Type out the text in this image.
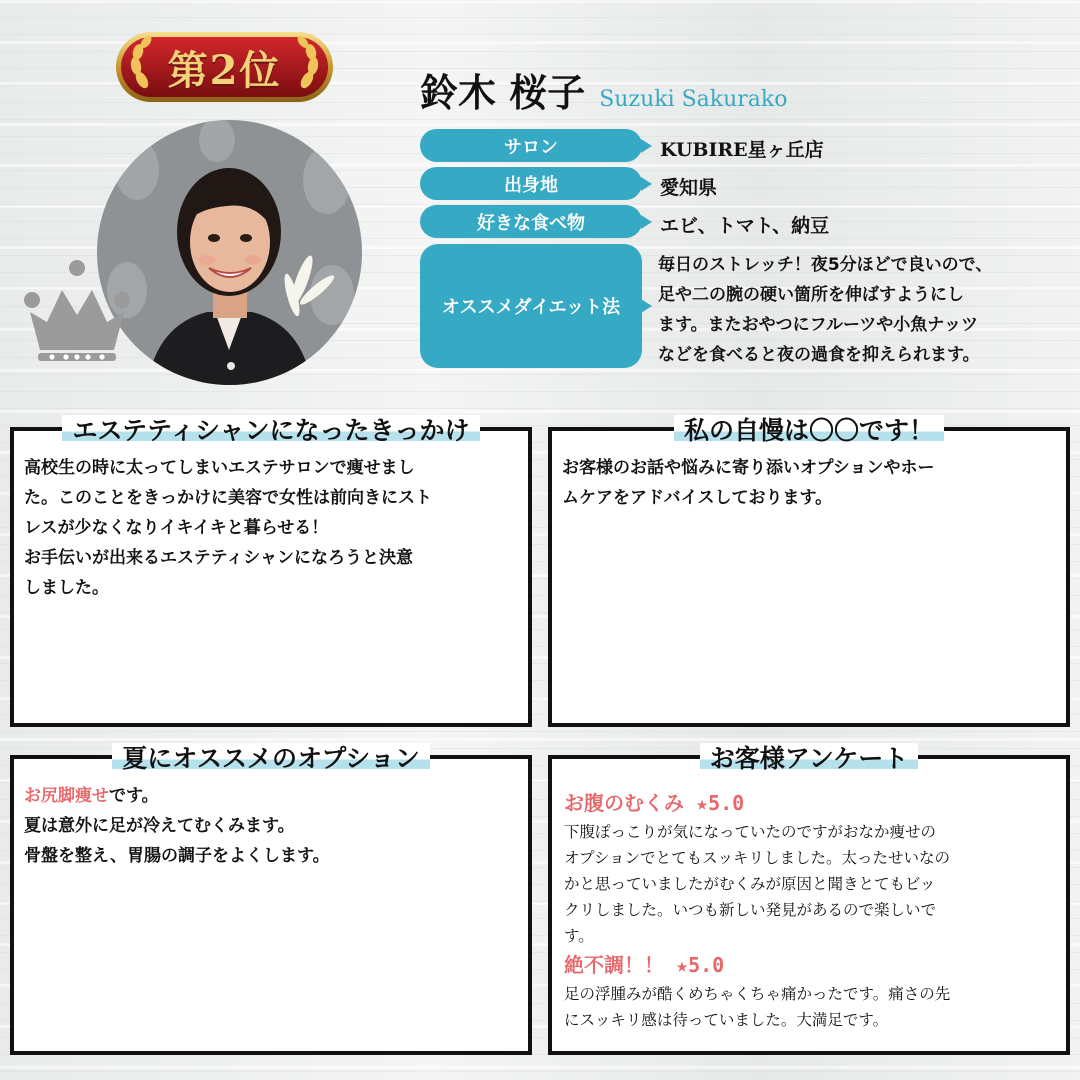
第2位	鈴木 桜子 Suzuki Sakurako
サロン	KUBIRE星ヶ丘店
出身地	愛知県
好きな食べ物	エビ、トマト、納豆
オススメダイエット法
毎日のストレッチ！夜5分ほどで良いので、
足や二の腕の硬い箇所を伸ばすようにし
ます。またおやつにフルーツや小魚ナッツ
などを食べると夜の過食を抑えられます。
エステティシャンになったきっかけ
高校生の時に太ってしまいエステサロンで痩せまし
た。このことをきっかけに美容で女性は前向きにスト
レスが少なくなりイキイキと暮らせる！
お手伝いが出来るエステティシャンになろうと決意
しました。
私の自慢は〇〇です！
お客様のお話や悩みに寄り添いオプションやホー
ムケアをアドバイスしております。
夏にオススメのオプション
お尻脚痩せです。
夏は意外に足が冷えてむくみます。
骨盤を整え、胃腸の調子をよくします。
お客様アンケート
お腹のむくみ ★5.0
下腹ぽっこりが気になっていたのですがおなか痩せの
オプションでとてもスッキリしました。太ったせいなの
かと思っていましたがむくみが原因と聞きとてもビッ
クリしました。いつも新しい発見があるので楽しいで
す。
絶不調！！ ★5.0
足の浮腫みが酷くめちゃくちゃ痛かったです。痛さの先
にスッキリ感は待っていました。大満足です。
